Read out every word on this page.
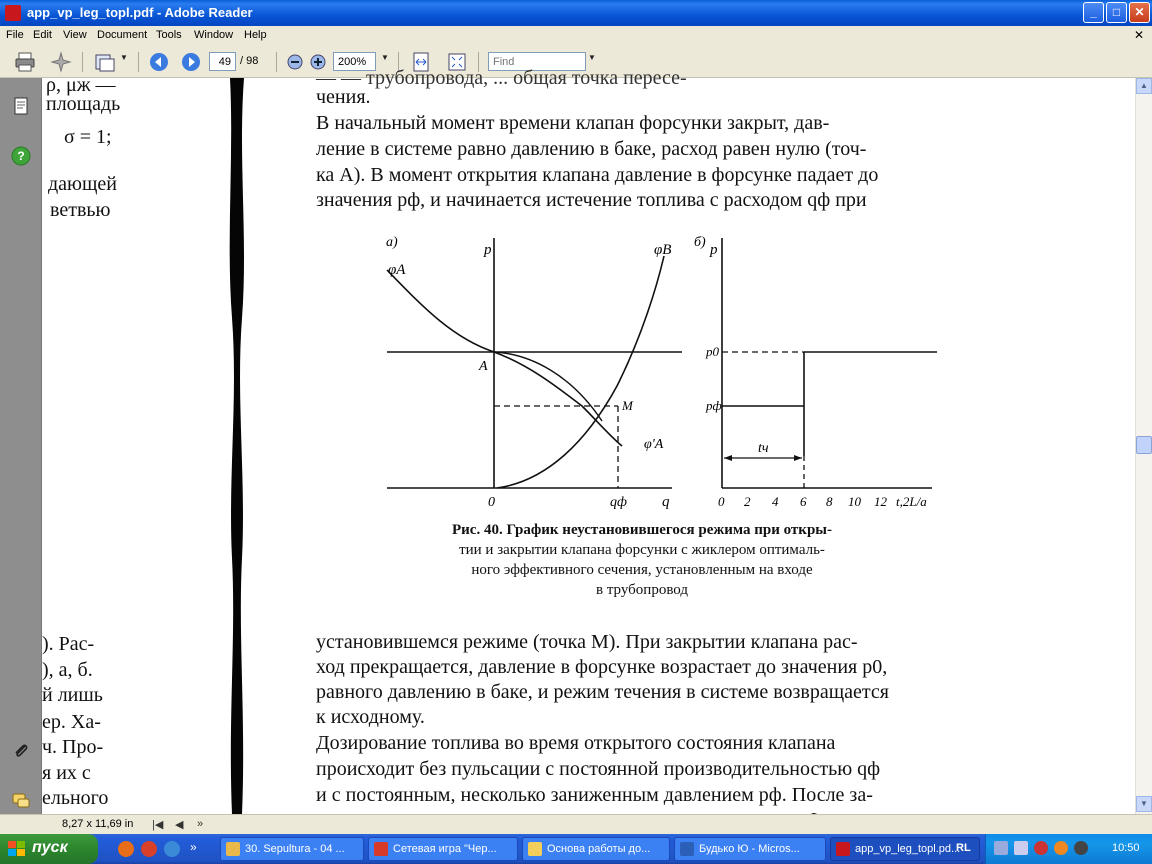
app_vp_leg_topl.pdf - Adobe Reader	_	□	✕
File Edit View Document Tools Window Help	✕
▼
49	/ 98
200%	▼
Find	▼
?
ρ, μж —
площадь
σ = 1;
дающей
ветвью
). Рас-
), а, б.
й лишь
ер. Ха-
ч. Про-
я их с
ельного
— — трубопровода, ... общая точка пересе-
чения.
В начальный момент времени клапан форсунки закрыт, дав-
ление в системе равно давлению в баке, расход равен нулю (точ-
ка A). В момент открытия клапана давление в форсунке падает до
значения pф, и начинается истечение топлива с расходом qф при
a)	p
q
0
φA
φB
φ'A
A
M
qф
б) p
p0
pф
tч
0 2 4 6 8 10 12 t,2L/a
Рис. 40. График неустановившегося режима при откры-
тии и закрытии клапана форсунки с жиклером оптималь-
ного эффективного сечения, установленным на входе
в трубопровод
установившемся режиме (точка M). При закрытии клапана рас-
ход прекращается, давление в форсунке возрастает до значения p0,
равного давлению в баке, и режим течения в системе возвращается
к исходному.
Дозирование топлива во время открытого состояния клапана
происходит без пульсации с постоянной производительностью qф
и с постоянным, несколько заниженным давлением pф. После за-
▲
▼
8,27 x 11,69 in |◀ ◀ »
пуск	»	30. Sepultura - 04 ...	Сетевая игра "Чер...	Основа работы до...	Будько Ю - Micros...	app_vp_leg_topl.pd...
RL	10:50
